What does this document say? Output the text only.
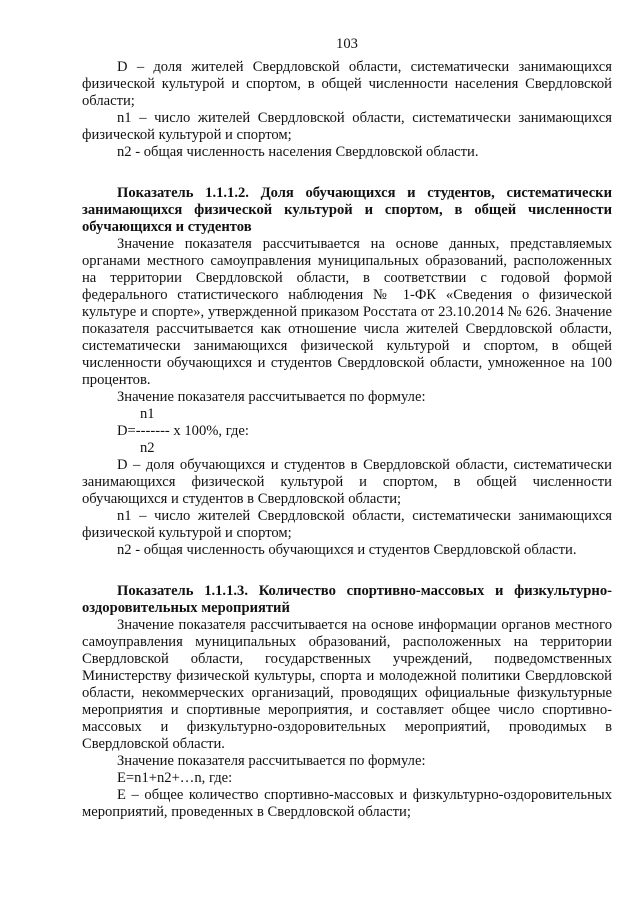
103

D – доля жителей Свердловской области, систематически занимающихся физической культурой и спортом, в общей численности населения Свердловской области;

n1 – число жителей Свердловской области, систематически занимающихся физической культурой и спортом;

n2 - общая численность населения Свердловской области.

Показатель 1.1.1.2. Доля обучающихся и студентов, систематически занимающихся физической культурой и спортом, в общей численности обучающихся и студентов

Значение показателя рассчитывается на основе данных, представляемых органами местного самоуправления муниципальных образований, расположенных на территории Свердловской области, в соответствии с годовой формой федерального статистического наблюдения № 1-ФК «Сведения о физической культуре и спорте», утвержденной приказом Росстата от 23.10.2014 № 626. Значение показателя рассчитывается как отношение числа жителей Свердловской области, систематически занимающихся физической культурой и спортом, в общей численности обучающихся и студентов Свердловской области, умноженное на 100 процентов.

Значение показателя рассчитывается по формуле:

n1
D=------- x 100%, где:
n2

D – доля обучающихся и студентов в Свердловской области, систематически занимающихся физической культурой и спортом, в общей численности обучающихся и студентов в Свердловской области;

n1 – число жителей Свердловской области, систематически занимающихся физической культурой и спортом;

n2 - общая численность обучающихся и студентов Свердловской области.

Показатель 1.1.1.3. Количество спортивно-массовых и физкультурно-оздоровительных мероприятий

Значение показателя рассчитывается на основе информации органов местного самоуправления муниципальных образований, расположенных на территории Свердловской области, государственных учреждений, подведомственных Министерству физической культуры, спорта и молодежной политики Свердловской области, некоммерческих организаций, проводящих официальные физкультурные мероприятия и спортивные мероприятия, и составляет общее число спортивно-массовых и физкультурно-оздоровительных мероприятий, проводимых в Свердловской области.

Значение показателя рассчитывается по формуле:

E=n1+n2+…n, где:

E – общее количество спортивно-массовых и физкультурно-оздоровительных мероприятий, проведенных в Свердловской области;
